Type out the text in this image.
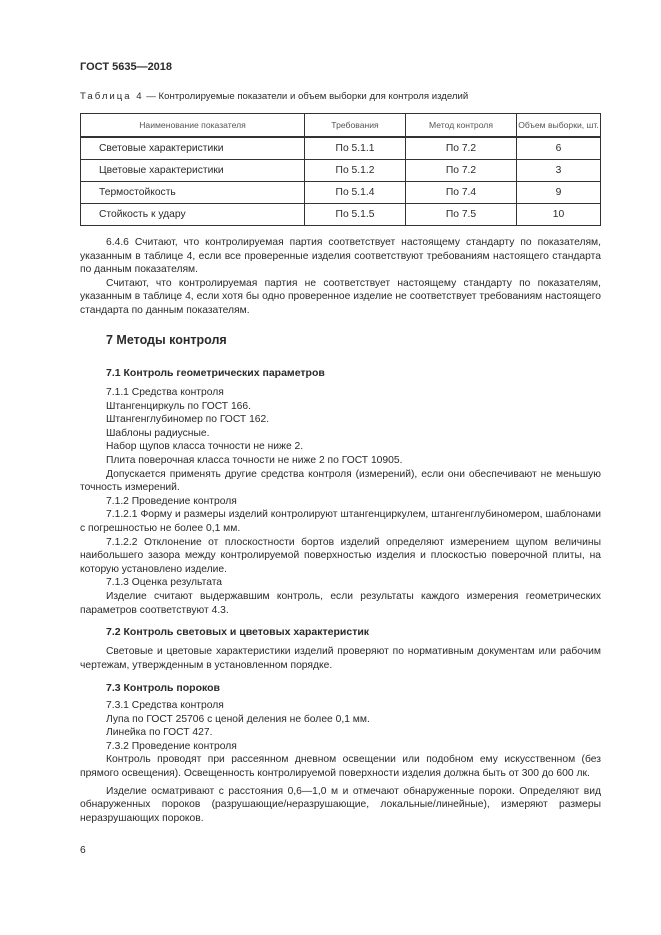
ГОСТ 5635—2018
Таблица 4 — Контролируемые показатели и объем выборки для контроля изделий
Наименование показателя	Требования	Метод контроля	Объем выборки, шт.
Световые характеристики	По 5.1.1	По 7.2	6
Цветовые характеристики	По 5.1.2	По 7.2	3
Термостойкость	По 5.1.4	По 7.4	9
Стойкость к удару	По 5.1.5	По 7.5	10

6.4.6 Считают, что контролируемая партия соответствует настоящему стандарту по показателям, указанным в таблице 4, если все проверенные изделия соответствуют требованиям настоящего стандарта по данным показателям.

Считают, что контролируемая партия не соответствует настоящему стандарту по показателям, указанным в таблице 4, если хотя бы одно проверенное изделие не соответствует требованиям настоящего стандарта по данным показателям.

7 Методы контроля
7.1 Контроль геометрических параметров

7.1.1 Средства контроля

Штангенциркуль по ГОСТ 166.

Штангенглубиномер по ГОСТ 162.

Шаблоны радиусные.

Набор щупов класса точности не ниже 2.

Плита поверочная класса точности не ниже 2 по ГОСТ 10905.

Допускается применять другие средства контроля (измерений), если они обеспечивают не меньшую точность измерений.

7.1.2 Проведение контроля

7.1.2.1 Форму и размеры изделий контролируют штангенциркулем, штангенглубиномером, шаблонами с погрешностью не более 0,1 мм.

7.1.2.2 Отклонение от плоскостности бортов изделий определяют измерением щупом величины наибольшего зазора между контролируемой поверхностью изделия и плоскостью поверочной плиты, на которую установлено изделие.

7.1.3 Оценка результата

Изделие считают выдержавшим контроль, если результаты каждого измерения геометрических параметров соответствуют 4.3.

7.2 Контроль световых и цветовых характеристик

Световые и цветовые характеристики изделий проверяют по нормативным документам или рабочим чертежам, утвержденным в установленном порядке.

7.3 Контроль пороков

7.3.1 Средства контроля

Лупа по ГОСТ 25706 с ценой деления не более 0,1 мм.

Линейка по ГОСТ 427.

7.3.2 Проведение контроля

Контроль проводят при рассеянном дневном освещении или подобном ему искусственном (без прямого освещения). Освещенность контролируемой поверхности изделия должна быть от 300 до 600 лк.

Изделие осматривают с расстояния 0,6—1,0 м и отмечают обнаруженные пороки. Определяют вид обнаруженных пороков (разрушающие/неразрушающие, локальные/линейные), измеряют размеры неразрушающих пороков.

6
